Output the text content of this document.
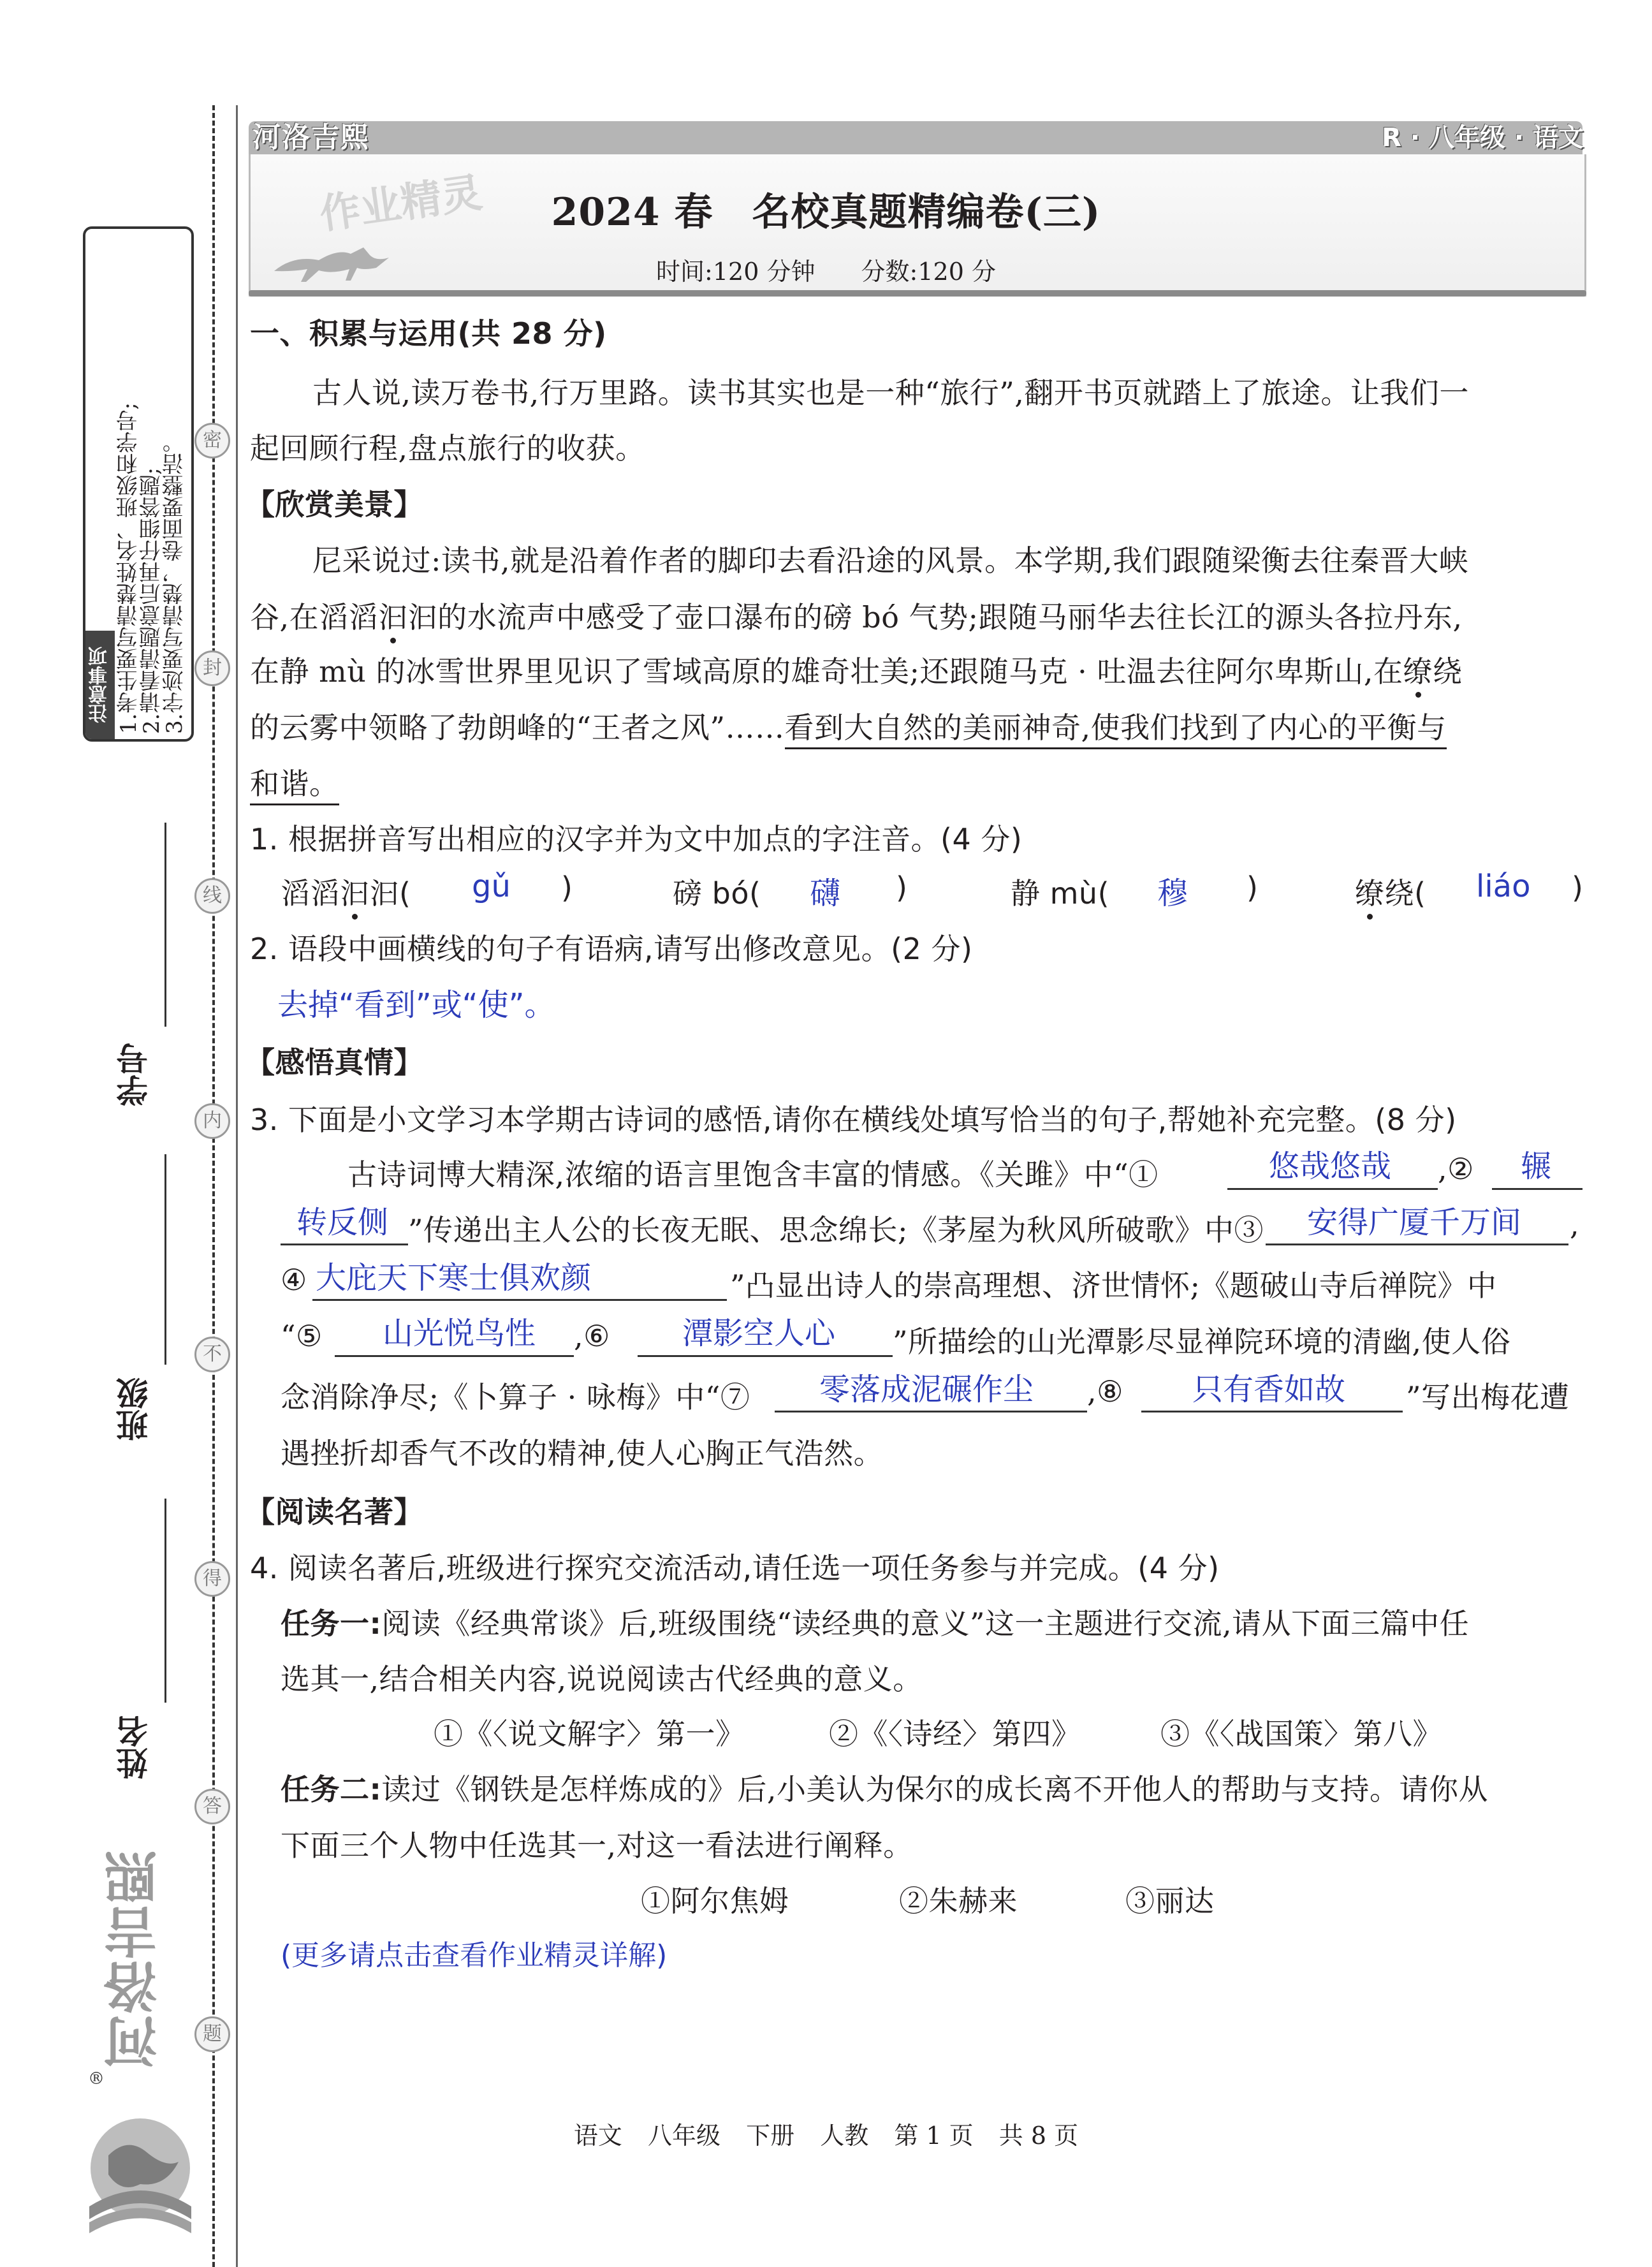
1.考生要写清楚姓名、班级和学号;
2.请看清题意后再仔细答题;
3.字迹要写清楚，卷面要整洁。
注意事项
密
封
线
内
不
得
答
题
学号
班级
姓名
河洛吉熙
®
河洛吉熙	R · 八年级 · 语文
作业精灵	2024 春　名校真题精编卷(三)
时间:120 分钟 分数:120 分
一、积累与运用(共 28 分)
古人说,读万卷书,行万里路。读书其实也是一种“旅行”,翻开书页就踏上了旅途。让我们一
起回顾行程,盘点旅行的收获。
【欣赏美景】
尼采说过:读书,就是沿着作者的脚印去看沿途的风景。本学期,我们跟随梁衡去往秦晋大峡
谷,在滔滔汩汩的水流声中感受了壶口瀑布的磅 bó 气势;跟随马丽华去往长江的源头各拉丹东,
在静 mù 的冰雪世界里见识了雪域高原的雄奇壮美;还跟随马克 · 吐温去往阿尔卑斯山,在缭绕
的云雾中领略了勃朗峰的“王者之风”……看到大自然的美丽神奇,使我们找到了内心的平衡与
和谐。
1. 根据拼音写出相应的汉字并为文中加点的字注音。(4 分)
滔滔汩汩( gǔ )	磅 bó( 礴 )	静 mù( 穆 )	缭绕( liáo )
2. 语段中画横线的句子有语病,请写出修改意见。(2 分)
去掉“看到”或“使”。
【感悟真情】
3. 下面是小文学习本学期古诗词的感悟,请你在横线处填写恰当的句子,帮她补充完整。(8 分)
古诗词博大精深,浓缩的语言里饱含丰富的情感。《关雎》中“①	悠哉悠哉 ,② 辗
转反侧 ”传递出主人公的长夜无眠、思念绵长;《茅屋为秋风所破歌》中③ 安得广厦千万间 ,
④ 大庇天下寒士俱欢颜	”凸显出诗人的崇高理想、济世情怀;《题破山寺后禅院》中
“⑤ 山光悦鸟性 ,⑥ 潭影空人心 ”所描绘的山光潭影尽显禅院环境的清幽,使人俗
念消除净尽;《卜算子 · 咏梅》中“⑦ 零落成泥碾作尘 ,⑧ 只有香如故 ”写出梅花遭
遇挫折却香气不改的精神,使人心胸正气浩然。
【阅读名著】
4. 阅读名著后,班级进行探究交流活动,请任选一项任务参与并完成。(4 分)
任务一:阅读《经典常谈》后,班级围绕“读经典的意义”这一主题进行交流,请从下面三篇中任
选其一,结合相关内容,说说阅读古代经典的意义。
①《〈说文解字〉第一》	②《〈诗经〉第四》	③《〈战国策〉第八》
任务二:读过《钢铁是怎样炼成的》后,小美认为保尔的成长离不开他人的帮助与支持。请你从
下面三个人物中任选其一,对这一看法进行阐释。
①阿尔焦姆	②朱赫来	③丽达
(更多请点击查看作业精灵详解)
语文 八年级 下册 人教 第 1 页 共 8 页
